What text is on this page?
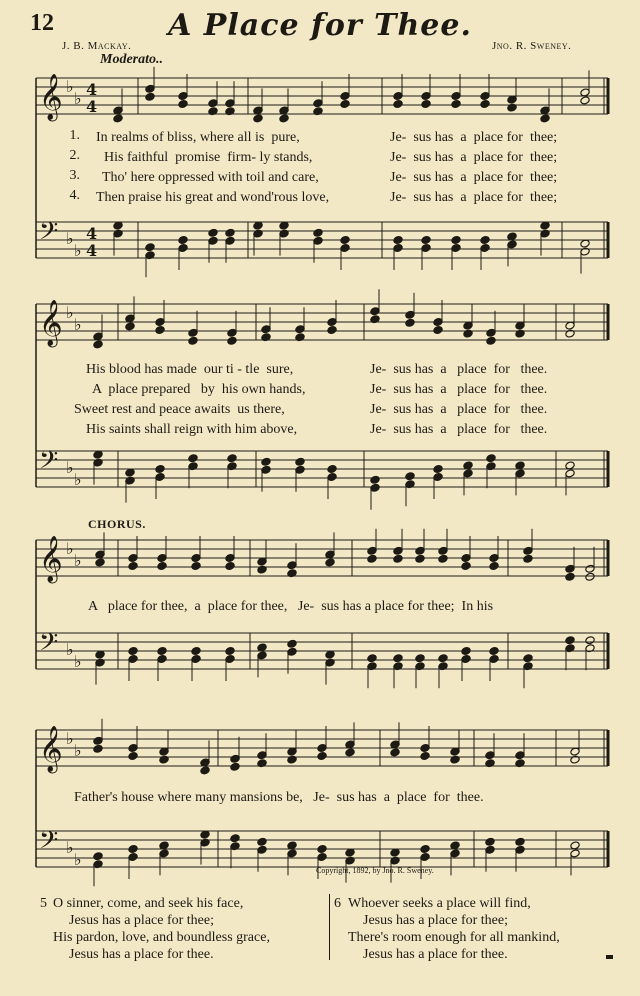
12	A Place for Thee.
J. B. Mackay.	Jno. R. Sweney.
Moderato..
𝄞 ♭
♭ 4
4
𝄢 ♭
♭
4
4
𝄞 ♭
♭
𝄢 ♭
♭
𝄞 ♭
♭
𝄢 ♭
♭
𝄞 ♭
♭
𝄢 ♭
♭
1.
2.
3.
4.
In realms of bliss, where all is  pure,
His faithful  promise  firm- ly stands,
Tho' here oppressed with toil and care,
Then praise his great and wond'rous love,
Je-  sus has  a  place for  thee;
Je-  sus has  a  place for  thee;
Je-  sus has  a  place for  thee;
Je-  sus has  a  place for  thee;
His blood has made  our ti - tle  sure,
A  place prepared   by  his own hands,
Sweet rest and peace awaits  us there,
His saints shall reign with him above,
Je-  sus has  a   place  for   thee.
Je-  sus has  a   place  for   thee.
Je-  sus has  a   place  for   thee.
Je-  sus has  a   place  for   thee.
CHORUS.
A   place for thee,  a  place for thee,   Je-  sus has a place for thee;  In his
Father's house where many mansions be,   Je-  sus has  a  place  for  thee.
Copyright, 1892, by Jno. R. Sweney.
5 O sinner, come, and seek his face,
Jesus has a place for thee;
His pardon, love, and boundless grace,
Jesus has a place for thee.
6 Whoever seeks a place will find,
Jesus has a place for thee;
There's room enough for all mankind,
Jesus has a place for thee.
